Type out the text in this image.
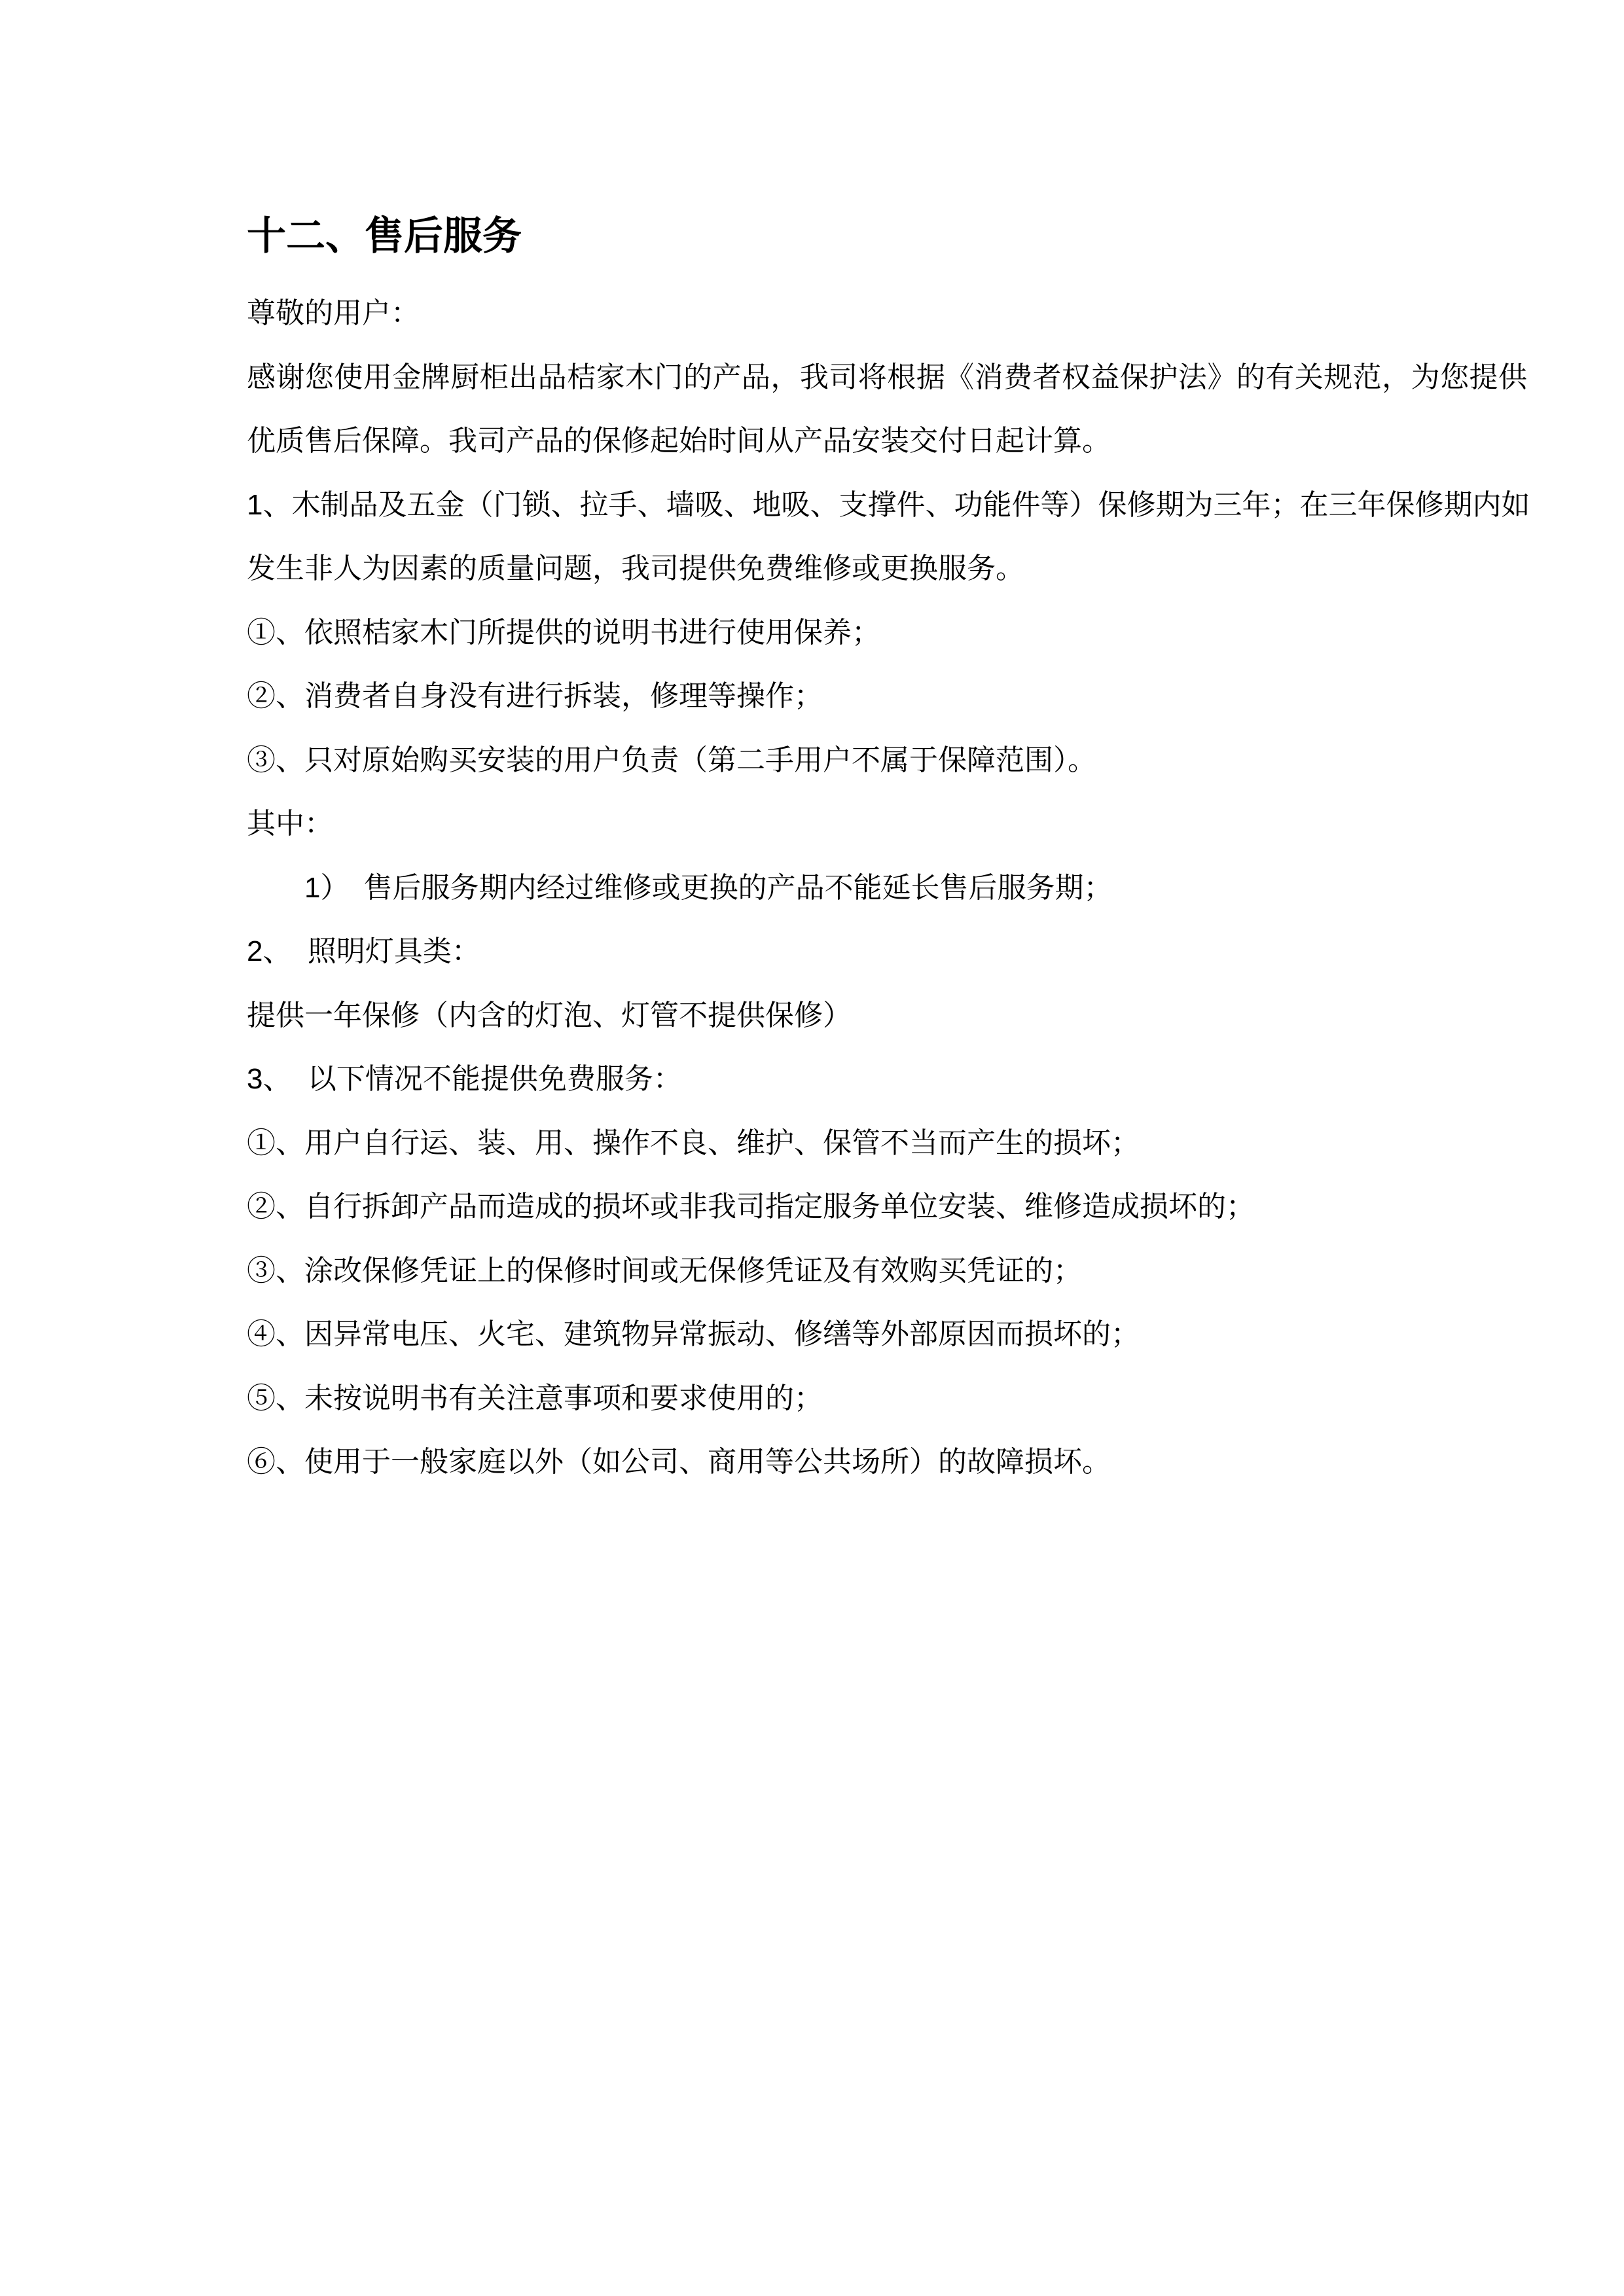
十二、售后服务
尊敬的用户：
感谢您使用金牌厨柜出品桔家木门的产品，我司将根据《消费者权益保护法》的有关规范，为您提供
优质售后保障。我司产品的保修起始时间从产品安装交付日起计算。
1、木制品及五金（门锁、拉手、墙吸、地吸、支撑件、功能件等）保修期为三年；在三年保修期内如
发生非人为因素的质量问题，我司提供免费维修或更换服务。
①、依照桔家木门所提供的说明书进行使用保养；
②、消费者自身没有进行拆装，修理等操作；
③、只对原始购买安装的用户负责（第二手用户不属于保障范围）。
其中：
　　1）　售后服务期内经过维修或更换的产品不能延长售后服务期；
2、  照明灯具类：
提供一年保修（内含的灯泡、灯管不提供保修）
3、  以下情况不能提供免费服务：
①、用户自行运、装、用、操作不良、维护、保管不当而产生的损坏；
②、自行拆卸产品而造成的损坏或非我司指定服务单位安装、维修造成损坏的；
③、涂改保修凭证上的保修时间或无保修凭证及有效购买凭证的；
④、因异常电压、火宅、建筑物异常振动、修缮等外部原因而损坏的；
⑤、未按说明书有关注意事项和要求使用的；
⑥、使用于一般家庭以外（如公司、商用等公共场所）的故障损坏。
